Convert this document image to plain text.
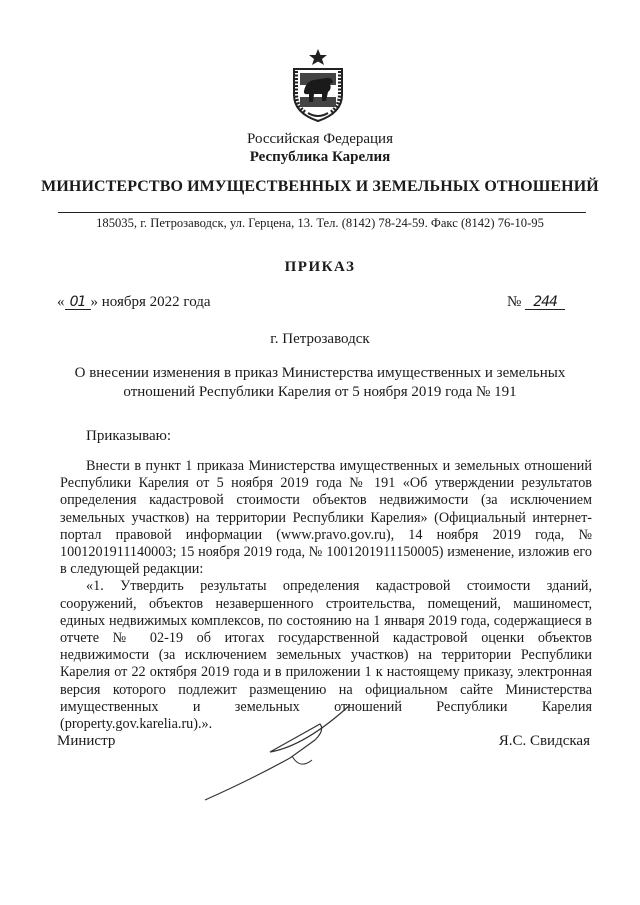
Российская Федерация
Республика Карелия
МИНИСТЕРСТВО ИМУЩЕСТВЕННЫХ И ЗЕМЕЛЬНЫХ ОТНОШЕНИЙ
185035, г. Петрозаводск, ул. Герцена, 13. Тел. (8142) 78-24-59. Факс (8142) 76-10-95
ПРИКАЗ
« 01 » ноября 2022 года	№ 244
г. Петрозаводск
О внесении изменения в приказ Министерства имущественных и земельных отношений Республики Карелия от 5 ноября 2019 года № 191
Приказываю:

Внести в пункт 1 приказа Министерства имущественных и земельных отношений Республики Карелия от 5 ноября 2019 года № 191 «Об утверждении результатов определения кадастровой стоимости объектов недвижимости (за исключением земельных участков) на территории Республики Карелия» (Официальный интернет-портал правовой информации (www.pravo.gov.ru), 14 ноября 2019 года, № 1001201911140003; 15 ноября 2019 года, № 1001201911150005) изменение, изложив его в следующей редакции:

«1. Утвердить результаты определения кадастровой стоимости зданий, сооружений, объектов незавершенного строительства, помещений, машиномест, единых недвижимых комплексов, по состоянию на 1 января 2019 года, содержащиеся в отчете № 02-19 об итогах государственной кадастровой оценки объектов недвижимости (за исключением земельных участков) на территории Республики Карелия от 22 октября 2019 года и в приложении 1 к настоящему приказу, электронная версия которого подлежит размещению на официальном сайте Министерства имущественных и земельных отношений Республики Карелия (property.gov.karelia.ru).».

Министр	Я.С. Свидская
